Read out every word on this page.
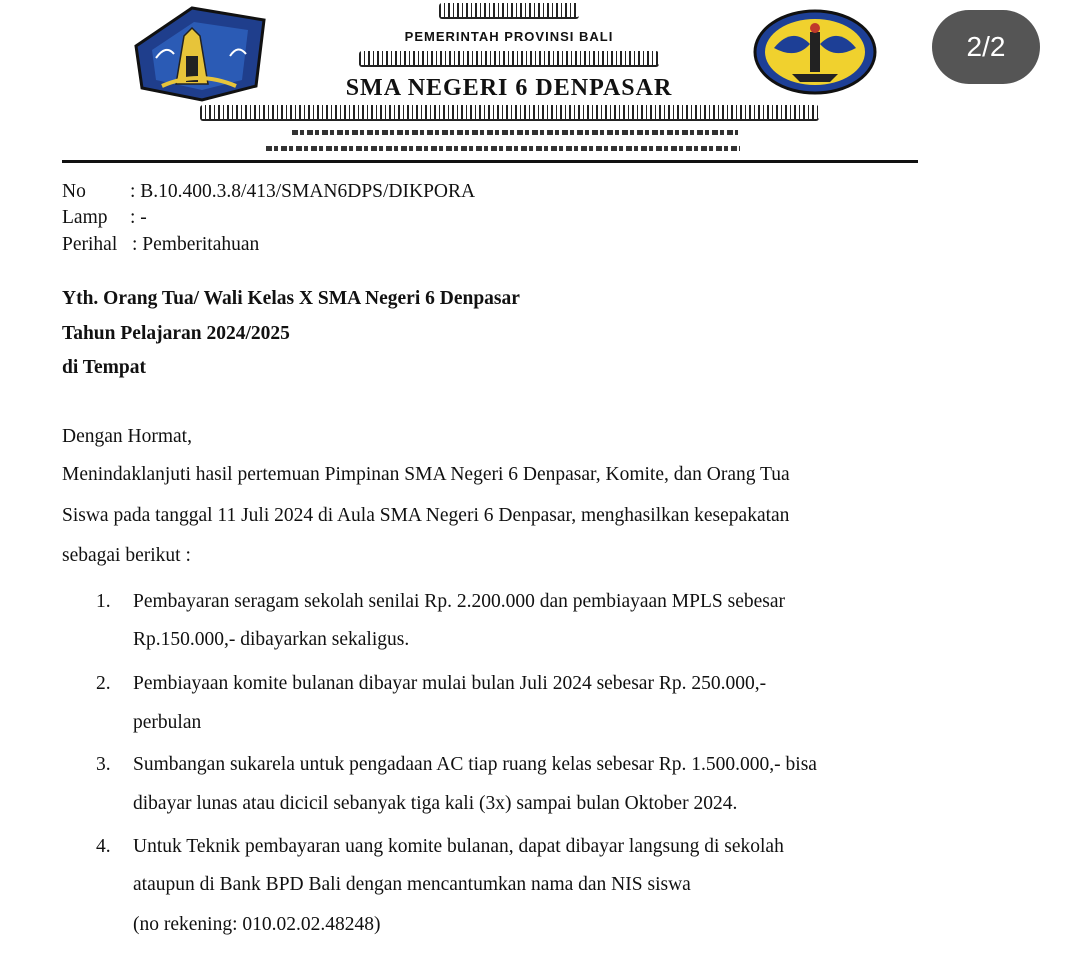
PEMERINTAH PROVINSI BALI
SMA NEGERI 6 DENPASAR
2/2
No : B.10.400.3.8/413/SMAN6DPS/DIKPORA
Lamp : -
Perihal : Pemberitahuan
Yth. Orang Tua/ Wali Kelas X SMA Negeri 6 Denpasar
Tahun Pelajaran 2024/2025
di Tempat
Dengan Hormat,
Menindaklanjuti hasil pertemuan Pimpinan SMA Negeri 6 Denpasar, Komite, dan Orang Tua
Siswa pada tanggal 11 Juli 2024 di Aula SMA Negeri 6 Denpasar, menghasilkan kesepakatan
sebagai berikut :
1. Pembayaran seragam sekolah senilai Rp. 2.200.000 dan pembiayaan MPLS sebesar
Rp.150.000,- dibayarkan sekaligus.
2. Pembiayaan komite bulanan dibayar mulai bulan Juli 2024 sebesar Rp. 250.000,-
perbulan
3. Sumbangan sukarela untuk pengadaan AC tiap ruang kelas sebesar Rp. 1.500.000,- bisa
dibayar lunas atau dicicil sebanyak tiga kali (3x) sampai bulan Oktober 2024.
4. Untuk Teknik pembayaran uang komite bulanan, dapat dibayar langsung di sekolah
ataupun di Bank BPD Bali dengan mencantumkan nama dan NIS siswa
(no rekening: 010.02.02.48248)
